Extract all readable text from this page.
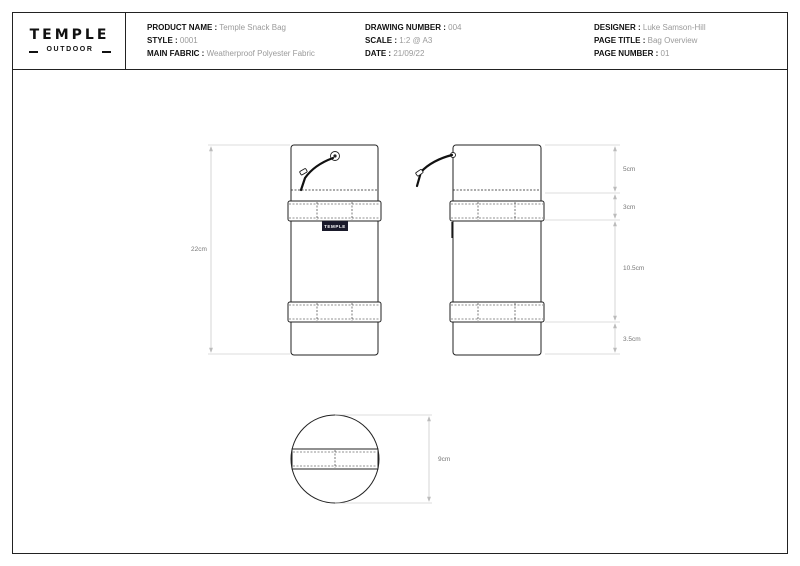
TEMPLE
OUTDOOR
PRODUCT NAME : Temple Snack Bag
STYLE : 0001
MAIN FABRIC : Weatherproof Polyester Fabric
DRAWING NUMBER : 004
SCALE : 1:2 @ A3
DATE : 21/09/22
DESIGNER : Luke Samson-Hill
PAGE TITLE : Bag Overview
PAGE NUMBER : 01
TEMPLE
22cm
5cm
3cm
10.5cm
3.5cm
9cm
